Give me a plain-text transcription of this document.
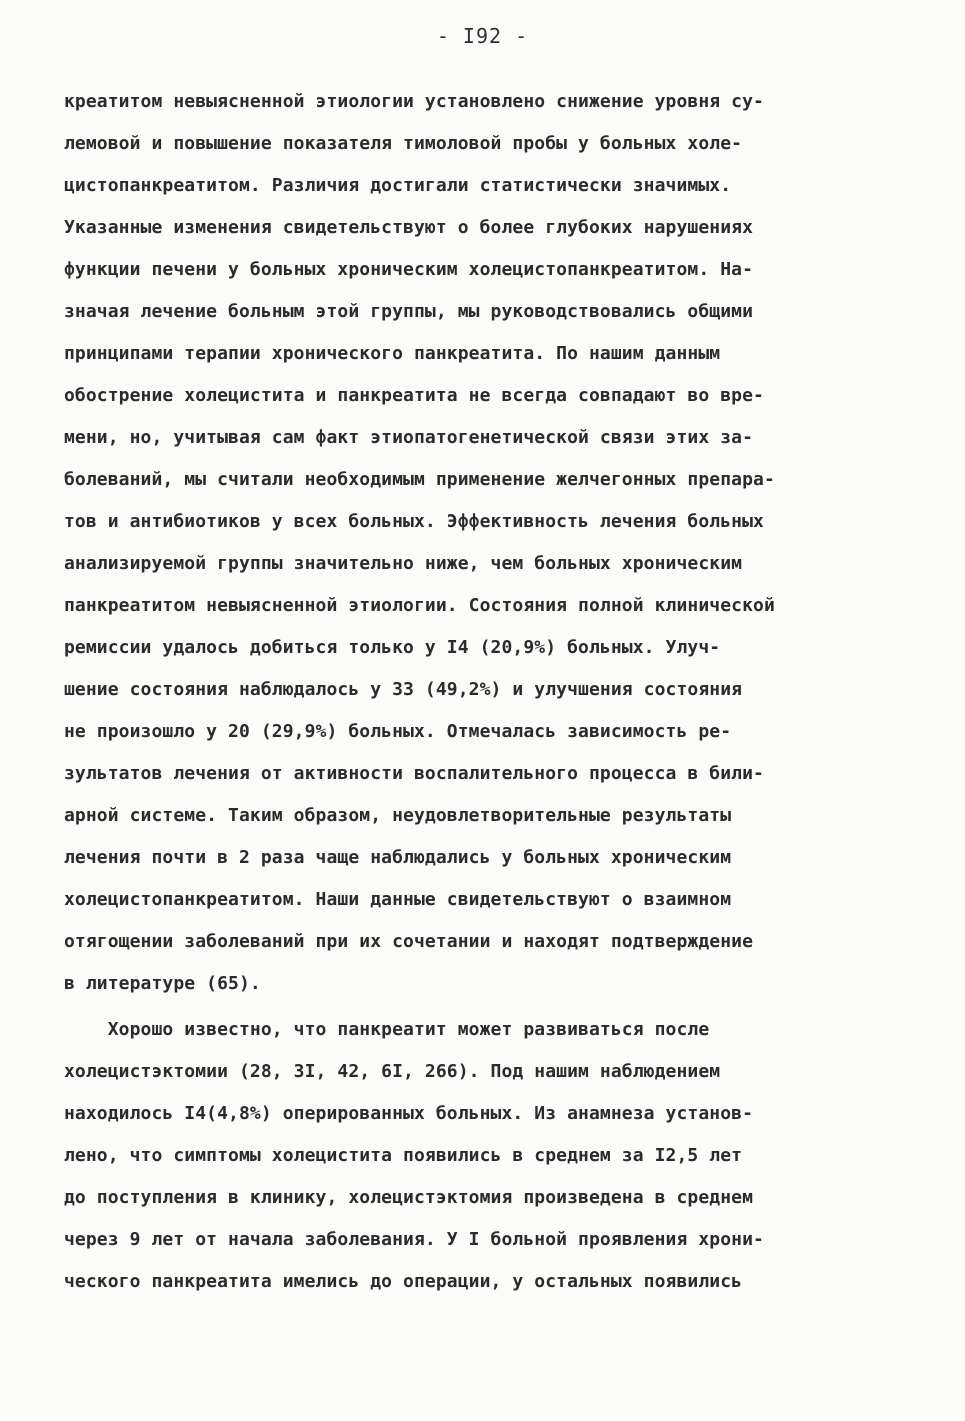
- I92 -
креатитом невыясненной этиологии установлено снижение уровня су-
лемовой и повышение показателя тимоловой пробы у больных холе-
цистопанкреатитом. Различия достигали статистически значимых.
Указанные изменения свидетельствуют о более глубоких нарушениях
функции печени у больных хроническим холецистопанкреатитом. На-
значая лечение больным этой группы, мы руководствовались общими
принципами терапии хронического панкреатита. По нашим данным
обострение холецистита и панкреатита не всегда совпадают во вре-
мени, но, учитывая сам факт этиопатогенетической связи этих за-
болеваний, мы считали необходимым применение желчегонных препара-
тов и антибиотиков у всех больных. Эффективность лечения больных
анализируемой группы значительно ниже, чем больных хроническим
панкреатитом невыясненной этиологии. Состояния полной клинической
ремиссии удалось добиться только у I4 (20,9%) больных. Улуч-
шение состояния наблюдалось у 33 (49,2%) и улучшения состояния
не произошло у 20 (29,9%) больных. Отмечалась зависимость ре-
зультатов лечения от активности воспалительного процесса в били-
арной системе. Таким образом, неудовлетворительные результаты
лечения почти в 2 раза чаще наблюдались у больных хроническим
холецистопанкреатитом. Наши данные свидетельствуют о взаимном
отягощении заболеваний при их сочетании и находят подтверждение
в литературе (65).
Хорошо известно, что панкреатит может развиваться после
холецистэктомии (28, 3I, 42, 6I, 266). Под нашим наблюдением
находилось I4(4,8%) оперированных больных. Из анамнеза установ-
лено, что симптомы холецистита появились в среднем за I2,5 лет
до поступления в клинику, холецистэктомия произведена в среднем
через 9 лет от начала заболевания. У I больной проявления хрони-
ческого панкреатита имелись до операции, у остальных появились
